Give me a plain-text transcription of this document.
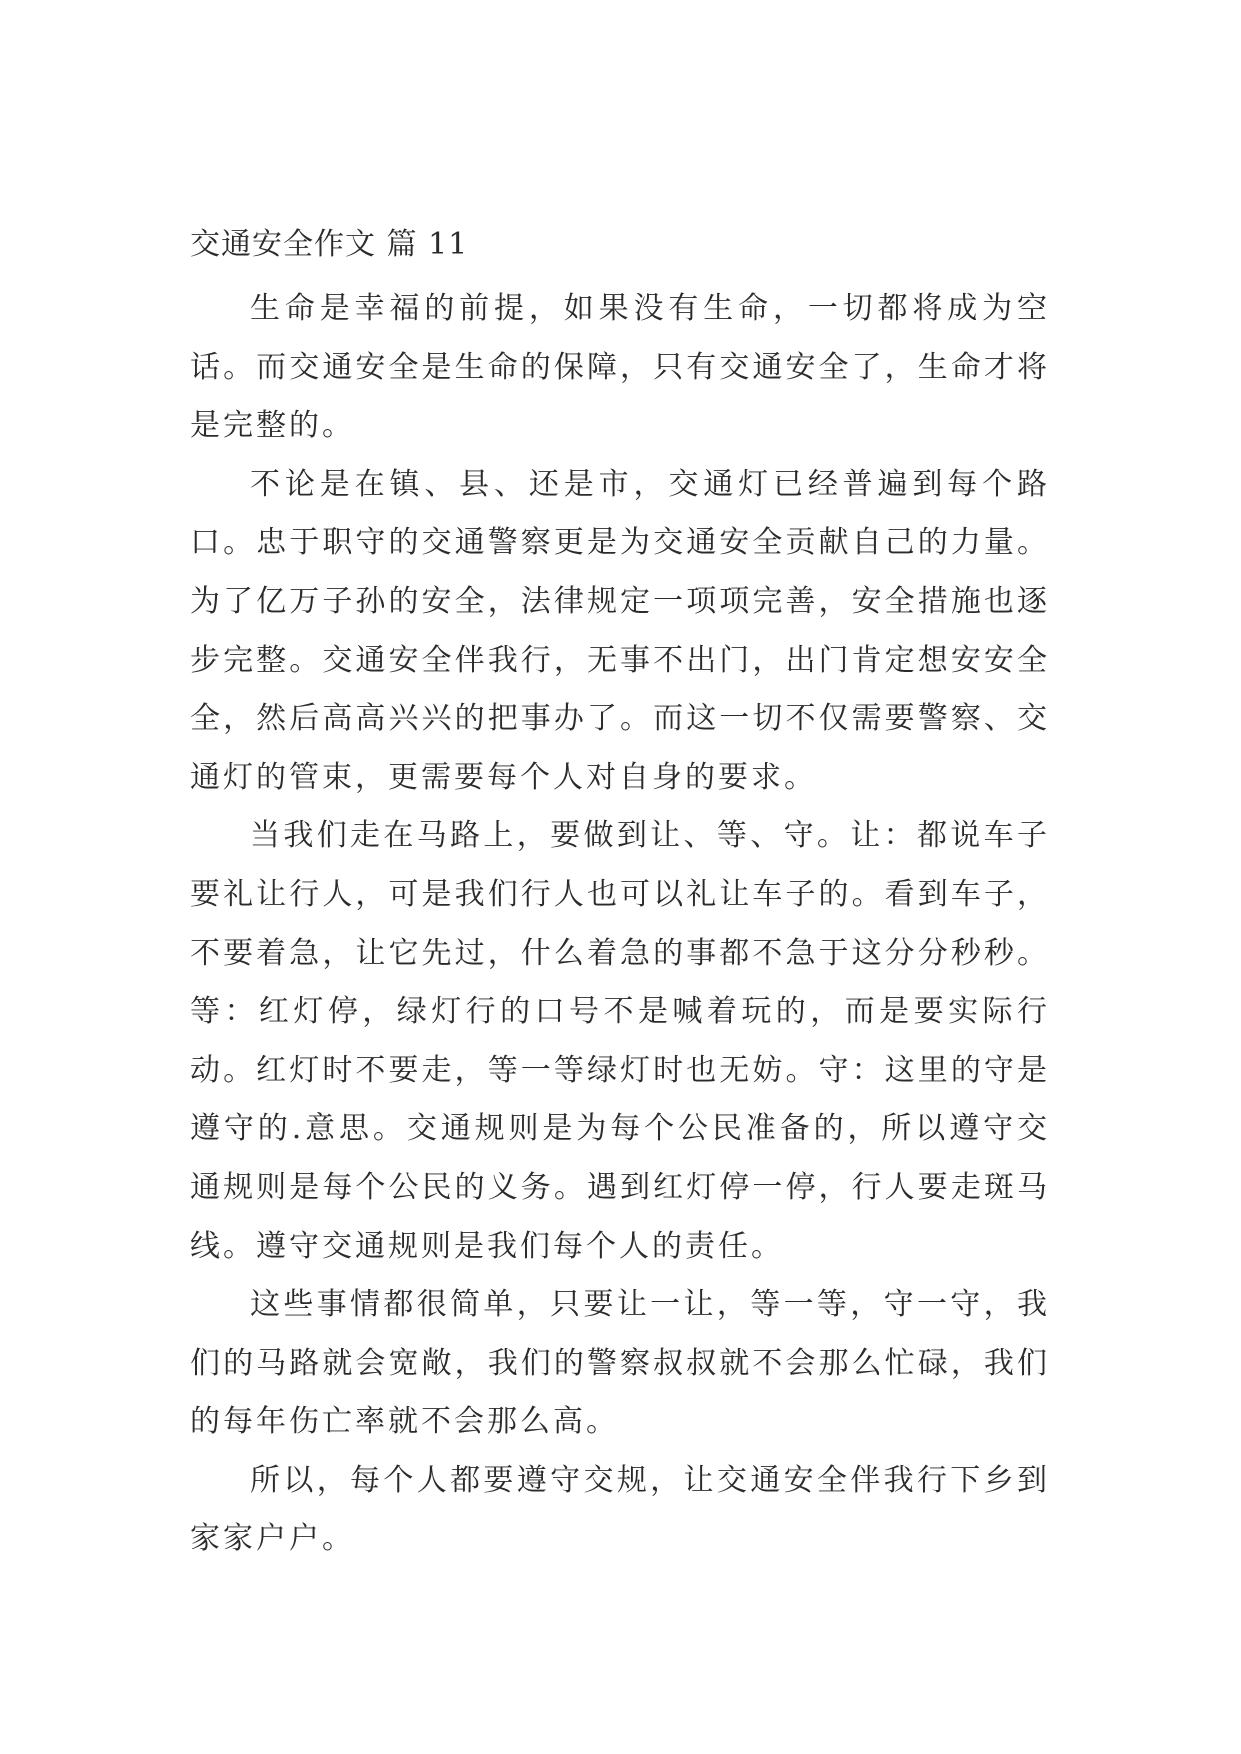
交通安全作文 篇 11

生命是幸福的前提，如果没有生命，一切都将成为空话。而交通安全是生命的保障，只有交通安全了，生命才将是完整的。

不论是在镇、县、还是市，交通灯已经普遍到每个路口。忠于职守的交通警察更是为交通安全贡献自己的力量。为了亿万子孙的安全，法律规定一项项完善，安全措施也逐步完整。交通安全伴我行，无事不出门，出门肯定想安安全全，然后高高兴兴的把事办了。而这一切不仅需要警察、交通灯的管束，更需要每个人对自身的要求。

当我们走在马路上，要做到让、等、守。让：都说车子要礼让行人，可是我们行人也可以礼让车子的。看到车子，不要着急，让它先过，什么着急的事都不急于这分分秒秒。等：红灯停，绿灯行的口号不是喊着玩的，而是要实际行动。红灯时不要走，等一等绿灯时也无妨。守：这里的守是遵守的.意思。交通规则是为每个公民准备的，所以遵守交通规则是每个公民的义务。遇到红灯停一停，行人要走斑马线。遵守交通规则是我们每个人的责任。

这些事情都很简单，只要让一让，等一等，守一守，我们的马路就会宽敞，我们的警察叔叔就不会那么忙碌，我们的每年伤亡率就不会那么高。

所以，每个人都要遵守交规，让交通安全伴我行下乡到家家户户。
